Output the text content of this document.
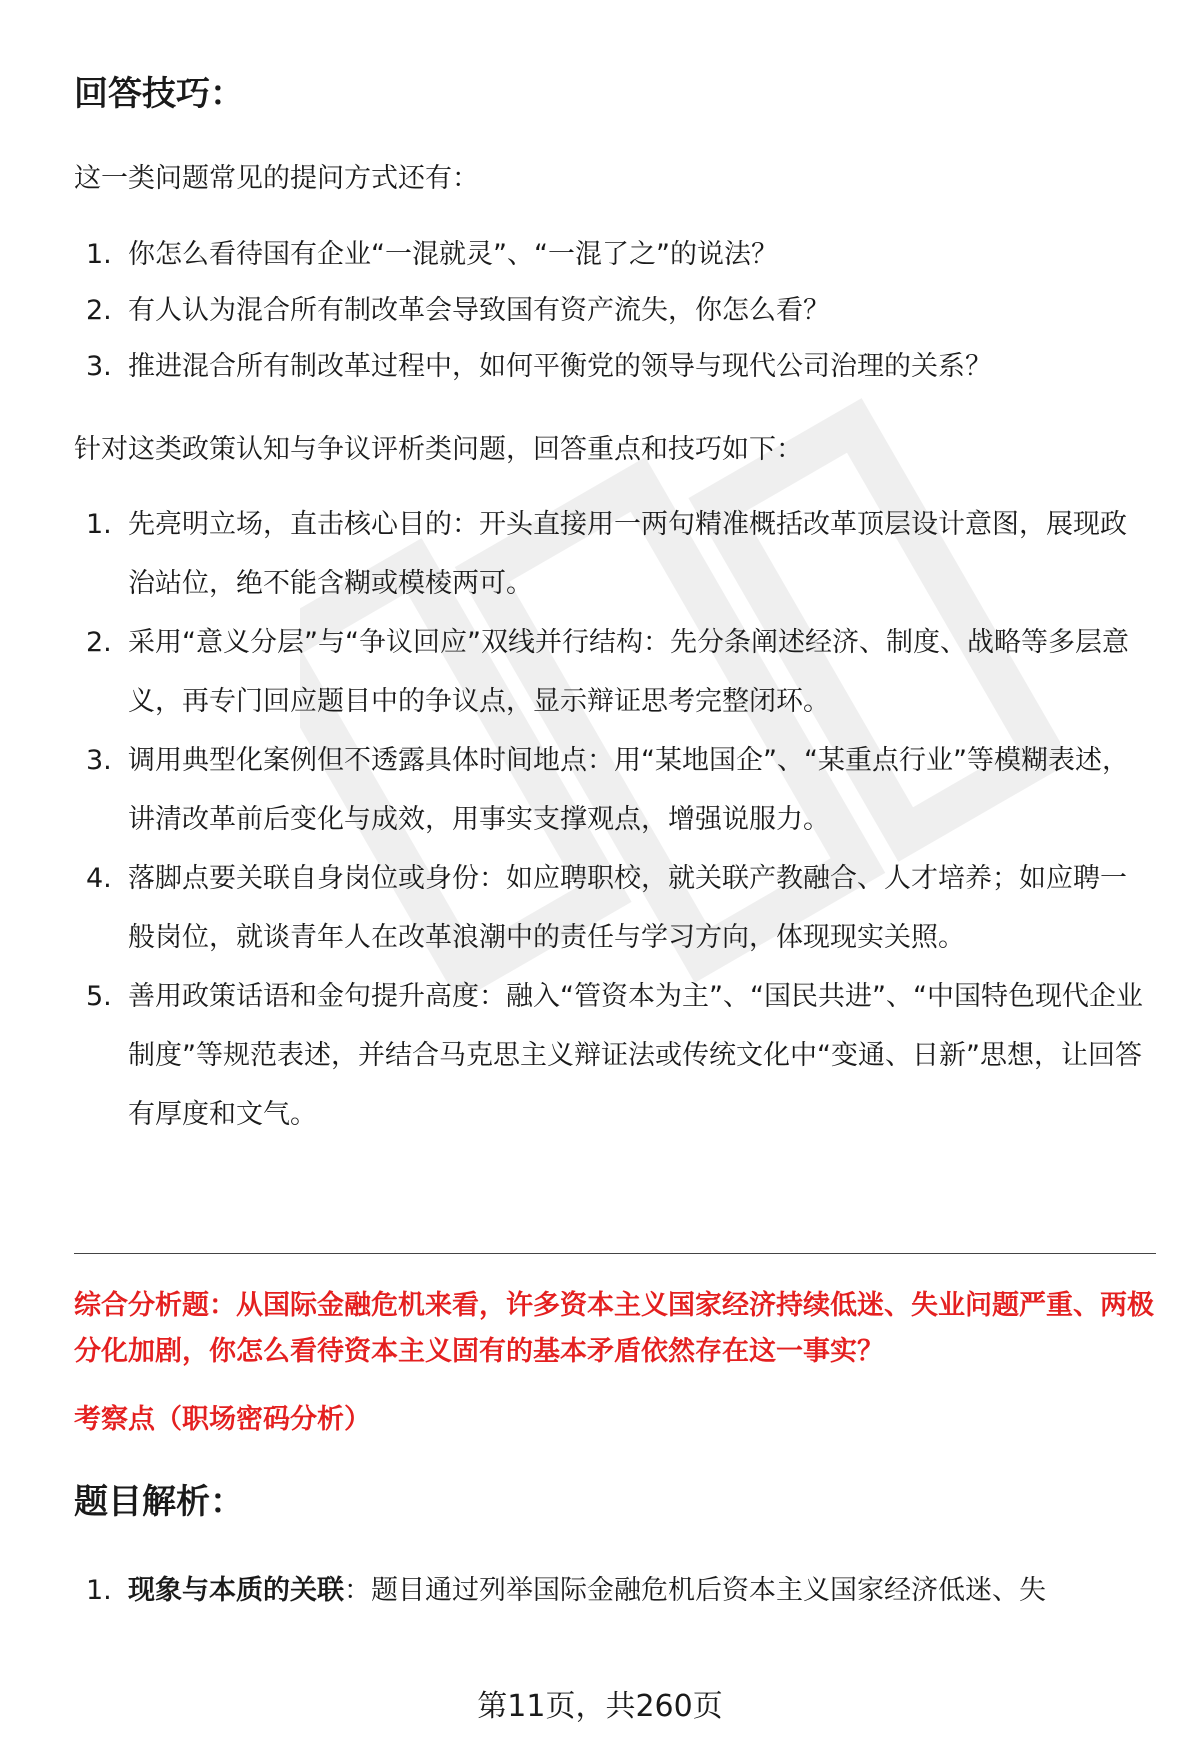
回答技巧：

这一类问题常见的提问方式还有：

1. 你怎么看待国有企业“一混就灵”、“一混了之”的说法？
2. 有人认为混合所有制改革会导致国有资产流失，你怎么看？
3. 推进混合所有制改革过程中，如何平衡党的领导与现代公司治理的关系？

针对这类政策认知与争议评析类问题，回答重点和技巧如下：

1. 先亮明立场，直击核心目的：开头直接用一两句精准概括改革顶层设计意图，展现政治站位，绝不能含糊或模棱两可。
2. 采用“意义分层”与“争议回应”双线并行结构：先分条阐述经济、制度、战略等多层意义，再专门回应题目中的争议点，显示辩证思考完整闭环。
3. 调用典型化案例但不透露具体时间地点：用“某地国企”、“某重点行业”等模糊表述，讲清改革前后变化与成效，用事实支撑观点，增强说服力。
4. 落脚点要关联自身岗位或身份：如应聘职校，就关联产教融合、人才培养；如应聘一般岗位，就谈青年人在改革浪潮中的责任与学习方向，体现现实关照。
5. 善用政策话语和金句提升高度：融入“管资本为主”、“国民共进”、“中国特色现代企业制度”等规范表述，并结合马克思主义辩证法或传统文化中“变通、日新”思想，让回答有厚度和文气。

综合分析题：从国际金融危机来看，许多资本主义国家经济持续低迷、失业问题严重、两极分化加剧，你怎么看待资本主义固有的基本矛盾依然存在这一事实？

考察点（职场密码分析）

题目解析：
1. 现象与本质的关联：题目通过列举国际金融危机后资本主义国家经济低迷、失

第11页，共260页
